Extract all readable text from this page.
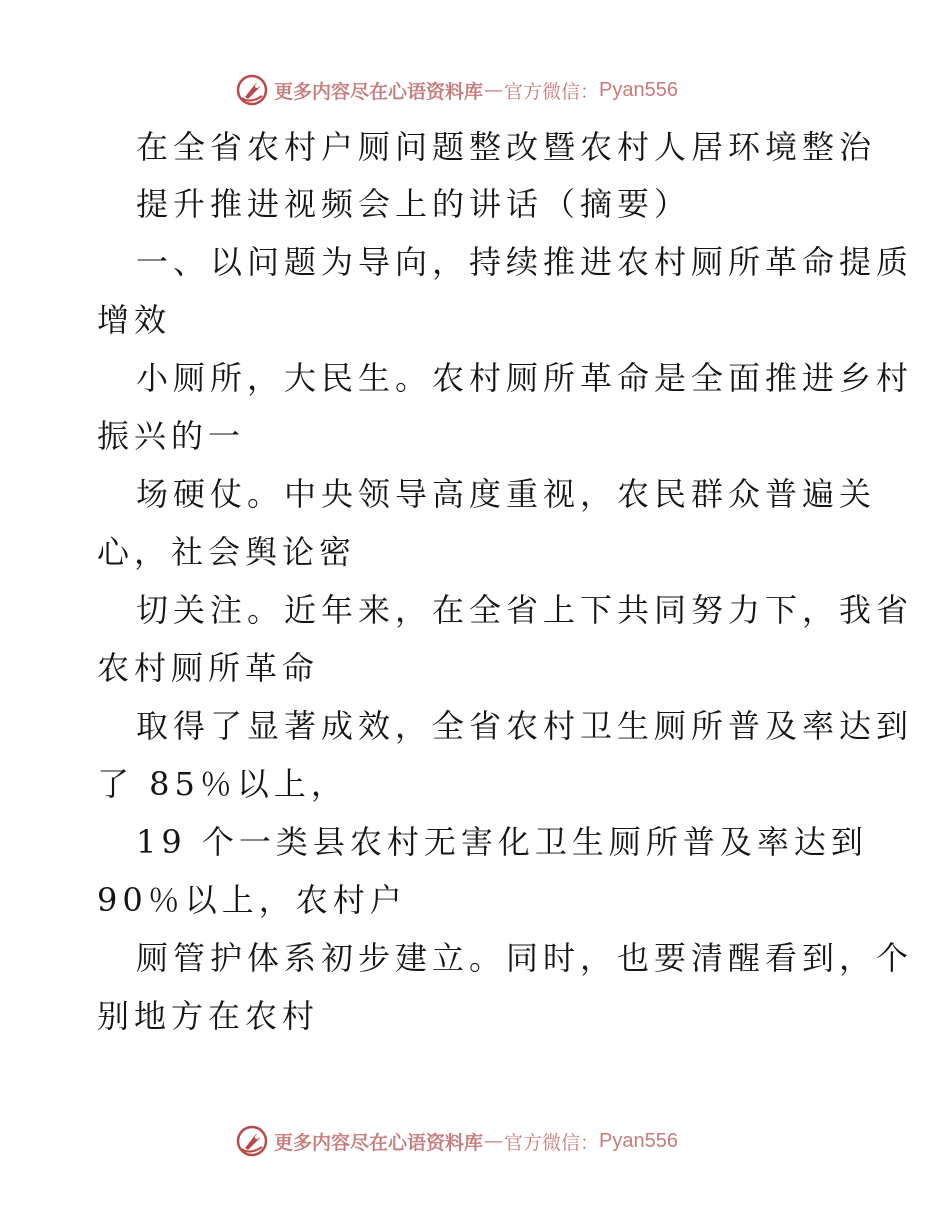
更多内容尽在心语资料库 — 官方微信： Pyan556
在全省农村户厕问题整改暨农村人居环境整治
提升推进视频会上的讲话（摘要）
一、以问题为导向，持续推进农村厕所革命提质
增效
小厕所，大民生。农村厕所革命是全面推进乡村
振兴的一
场硬仗。中央领导高度重视，农民群众普遍关
心，社会舆论密
切关注。近年来，在全省上下共同努力下，我省
农村厕所革命
取得了显著成效，全省农村卫生厕所普及率达到
了 85％以上，
19 个一类县农村无害化卫生厕所普及率达到
90％以上，农村户
厕管护体系初步建立。同时，也要清醒看到，个
别地方在农村
更多内容尽在心语资料库 — 官方微信： Pyan556
